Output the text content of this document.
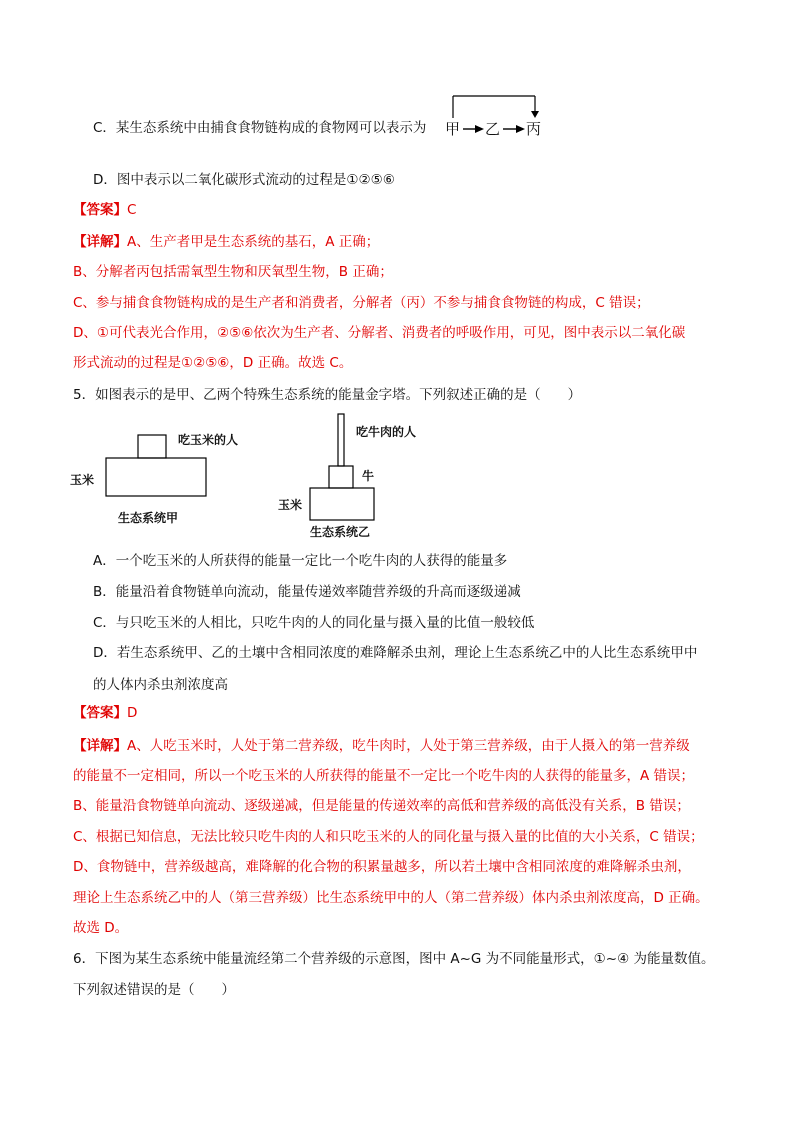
C．某生态系统中由捕食食物链构成的食物网可以表示为 甲 乙 丙
D．图中表示以二氧化碳形式流动的过程是①②⑤⑥
【答案】C
【详解】A、生产者甲是生态系统的基石，A 正确；
B、分解者丙包括需氧型生物和厌氧型生物，B 正确；
C、参与捕食食物链构成的是生产者和消费者，分解者（丙）不参与捕食食物链的构成，C 错误；
D、①可代表光合作用，②⑤⑥依次为生产者、分解者、消费者的呼吸作用，可见，图中表示以二氧化碳
形式流动的过程是①②⑤⑥，D 正确。故选 C。
5．如图表示的是甲、乙两个特殊生态系统的能量金字塔。下列叙述正确的是（　　）
吃玉米的人
玉米
生态系统甲
吃牛肉的人
牛
玉米
生态系统乙
A．一个吃玉米的人所获得的能量一定比一个吃牛肉的人获得的能量多
B．能量沿着食物链单向流动，能量传递效率随营养级的升高而逐级递减
C．与只吃玉米的人相比，只吃牛肉的人的同化量与摄入量的比值一般较低
D．若生态系统甲、乙的土壤中含相同浓度的难降解杀虫剂，理论上生态系统乙中的人比生态系统甲中
的人体内杀虫剂浓度高
【答案】D
【详解】A、人吃玉米时，人处于第二营养级，吃牛肉时，人处于第三营养级，由于人摄入的第一营养级
的能量不一定相同，所以一个吃玉米的人所获得的能量不一定比一个吃牛肉的人获得的能量多，A 错误；
B、能量沿食物链单向流动、逐级递减，但是能量的传递效率的高低和营养级的高低没有关系，B 错误；
C、根据已知信息，无法比较只吃牛肉的人和只吃玉米的人的同化量与摄入量的比值的大小关系，C 错误；
D、食物链中，营养级越高，难降解的化合物的积累量越多，所以若土壤中含相同浓度的难降解杀虫剂，
理论上生态系统乙中的人（第三营养级）比生态系统甲中的人（第二营养级）体内杀虫剂浓度高，D 正确。
故选 D。
6．下图为某生态系统中能量流经第二个营养级的示意图，图中 A~G 为不同能量形式，①~④ 为能量数值。
下列叙述错误的是（　　）
